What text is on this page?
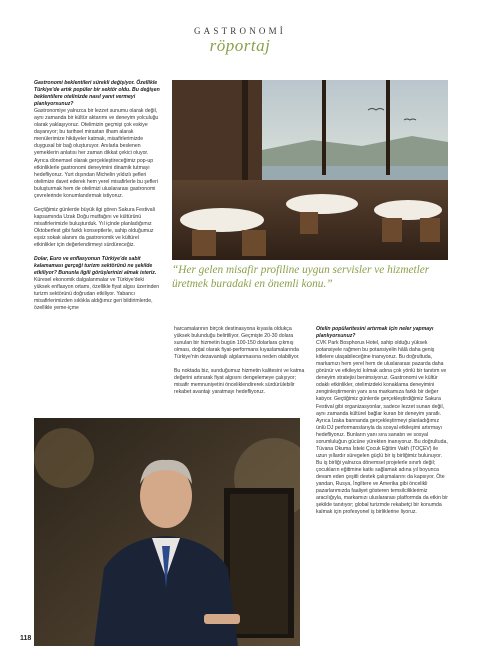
GASTRONOMİ
röportaj

Gastronomi beklentileri sürekli değişiyor. Özellikle Türkiye'de artık popüler bir sektör oldu. Bu değişen beklentilere otelinizde nasıl yanıt vermeyi planlıyorsunuz?

Gastronomiye yalnızca bir lezzet sunumu olarak değil, aynı zamanda bir kültür aktarımı ve deneyim yolculuğu olarak yaklaşıyoruz. Otelimizin geçmişi çok eskiye dayanıyor; bu tarihsel mirastan ilham alarak menülerimize hikâyeler katmak, misafirlerimizde duygusal bir bağ oluşturuyor. Anılarla beslenen yemeklerin anlatısı her zaman dikkat çekici oluyor. Ayrıca dönemsel olarak gerçekleştireceğimiz pop-up etkinliklerle gastronomi deneyimini dinamik tutmayı hedefliyoruz. Yurt dışından Michelin yıldızlı şefleri otelimize davet ederek hem yerel misafirlerle bu şefleri buluşturmak hem de otelimizi uluslararası gastronomi çevrelerinde konumlandırmak istiyoruz.

Geçtiğimiz günlerde büyük ilgi gören Sakura Festivali kapsamında Uzak Doğu mutfağını ve kültürünü misafirlerimizle buluşturduk. Yıl içinde planladığımız Oktoberfest gibi farklı konseptlerle, sahip olduğumuz eşsiz sokak alanını da gastronomik ve kültürel etkinlikler için değerlendirmeyi sürdüreceğiz.

Dolar, Euro ve enflasyonun Türkiye'de sabit kalamaması gerçeği turizm sektörünü ne şekilde etkiliyor? Bununla ilgili görüşlerinizi almak isteriz.

Küresel ekonomik dalgalanmalar ve Türkiye'deki yüksek enflasyon ortamı, özellikle fiyat algısı üzerinden turizm sektörünü doğrudan etkiliyor. Yabancı misafirlerimizden sıklıkla aldığımız geri bildirimlerde, özellikle yeme-içme

“Her gelen misafir profiline uygun servisler ve hizmetler üretmek buradaki en önemli konu.”

harcamalarının birçok destinasyona kıyasla oldukça yüksek bulunduğu belirtiliyor. Geçmişte 20-30 dolara sunulan bir hizmetin bugün 100-150 dolarlara çıkmış olması, doğal olarak fiyat-performans kıyaslamalarında Türkiye'nin dezavantajlı algılanmasına neden olabiliyor.

Bu noktada biz, sunduğumuz hizmetin kalitesini ve katma değerini artırarak fiyat algısını dengelemeye çalışıyor; misafir memnuniyetini önceliklendirerek sürdürülebilir rekabet avantajı yaratmayı hedefliyoruz.

Otelin popülaritesini artırmak için neler yapmayı planlıyorsunuz?

CVK Park Bosphorus Hotel, sahip olduğu yüksek potansiyele rağmen bu potansiyelin hâlâ daha geniş kitlelere ulaşabileceğine inanıyoruz. Bu doğrultuda, markamızı hem yerel hem de uluslararası pazarda daha görünür ve etkileyici kılmak adına çok yönlü bir tanıtım ve deneyim stratejisi benimsiyoruz. Gastronomi ve kültür odaklı etkinlikler, otelimizdeki konaklama deneyimini zenginleştirmenin yanı sıra markamıza farklı bir değer katıyor. Geçtiğimiz günlerde gerçekleştirdiğimiz Sakura Festival gibi organizasyonlar, sadece lezzet sunan değil, aynı zamanda kültürel bağlar kuran bir deneyim yaratlı. Ayrıca İzaka bannanda gerçekleştirmeyi planladığımız ünlü DJ performanslarıyla da sosyal etkileşimi artırmayı hedefliyoruz. Bunların yanı sıra sanatın ve sosyal sorumluluğun gücüne yürekten inanıyoruz. Bu doğrultuda, Tüvana Okuma İsteki Çocuk Eğitim Vakfı (TOÇEV) ile uzun yıllardır süregelen güçlü bir iş birliğimiz bulunuyor. Bu iş birliği yalnızca dönemsel projelerle sınırlı değil; çocukların eğitimine katkı sağlamak adına yıl boyunca devam eden çeşitli destek çalışmalarını da kapsıyor. Öte yandan, Rusya, İngiltere ve Amerika gibi öncelikli pazarlarımızda faaliyet gösteren temsilciliklerimiz aracılığıyla, markamızı uluslararası platformda da etkin bir şekilde tanıtıyor; global turizmde rekabetçi bir konumda kalmak için profesyonel iş birliklerine liyoruz.

118
